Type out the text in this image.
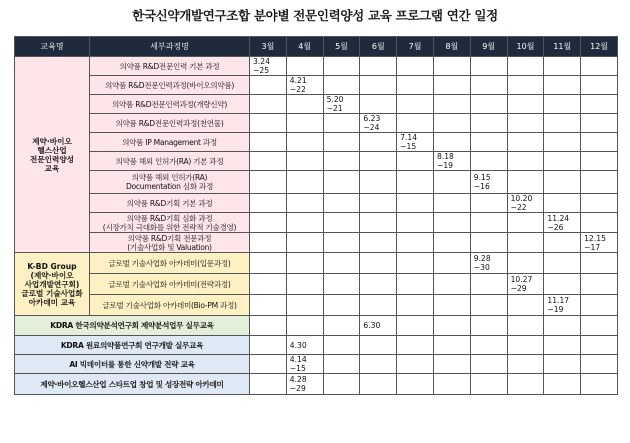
한국신약개발연구조합 분야별 전문인력양성 교육 프로그램 연간 일정
교육명	세부과정명	3월	4월	5월	6월	7월	8월	9월	10월	11월	12월
제약·바이오
헬스산업
전문인력양성
교육	의약품 R&D전문인력 기본 과정	3.24
~25									
	의약품 R&D전문인력과정(바이오의약품)		4.21
~22								
	의약품 R&D전문인력과정(개량신약)			5.20
~21							
	의약품 R&D전문인력과정(천연물)				6.23
~24						
	의약품 IP Management 과정					7.14
~15					
	의약품 해외 인허가(RA) 기본 과정						8.18
~19				
	의약품 해외 인허가(RA)
Documentation 심화 과정							9.15
~16			
	의약품 R&D기획 기본 과정								10.20
~22		
	의약품 R&D기획 심화 과정
(시장가치 극대화를 위한 전략적 기술경영)									11.24
~26	
	의약품 R&D기획 전문과정
(기술사업화 및 Valuation)										12.15
~17
K-BD Group
(제약·바이오
사업개발연구회)
글로벌 기술사업화
아카데미 교육	글로벌 기술사업화 아카데미(입문과정)							9.28
~30			
	글로벌 기술사업화 아카데미(전략과정)								10.27
~29		
	글로벌 기술사업화 아카데미(Bio-PM 과정)									11.17
~19	
KDRA 한국의약분석연구회 제약분석업무 실무교육					6.30						
KDRA 원료의약품연구회 연구개발 실무교육			4.30								
AI 빅데이터를 통한 신약개발 전략 교육			4.14
~15								
제약·바이오헬스산업 스타트업 창업 및 성장전략 아카데미			4.28
~29								
